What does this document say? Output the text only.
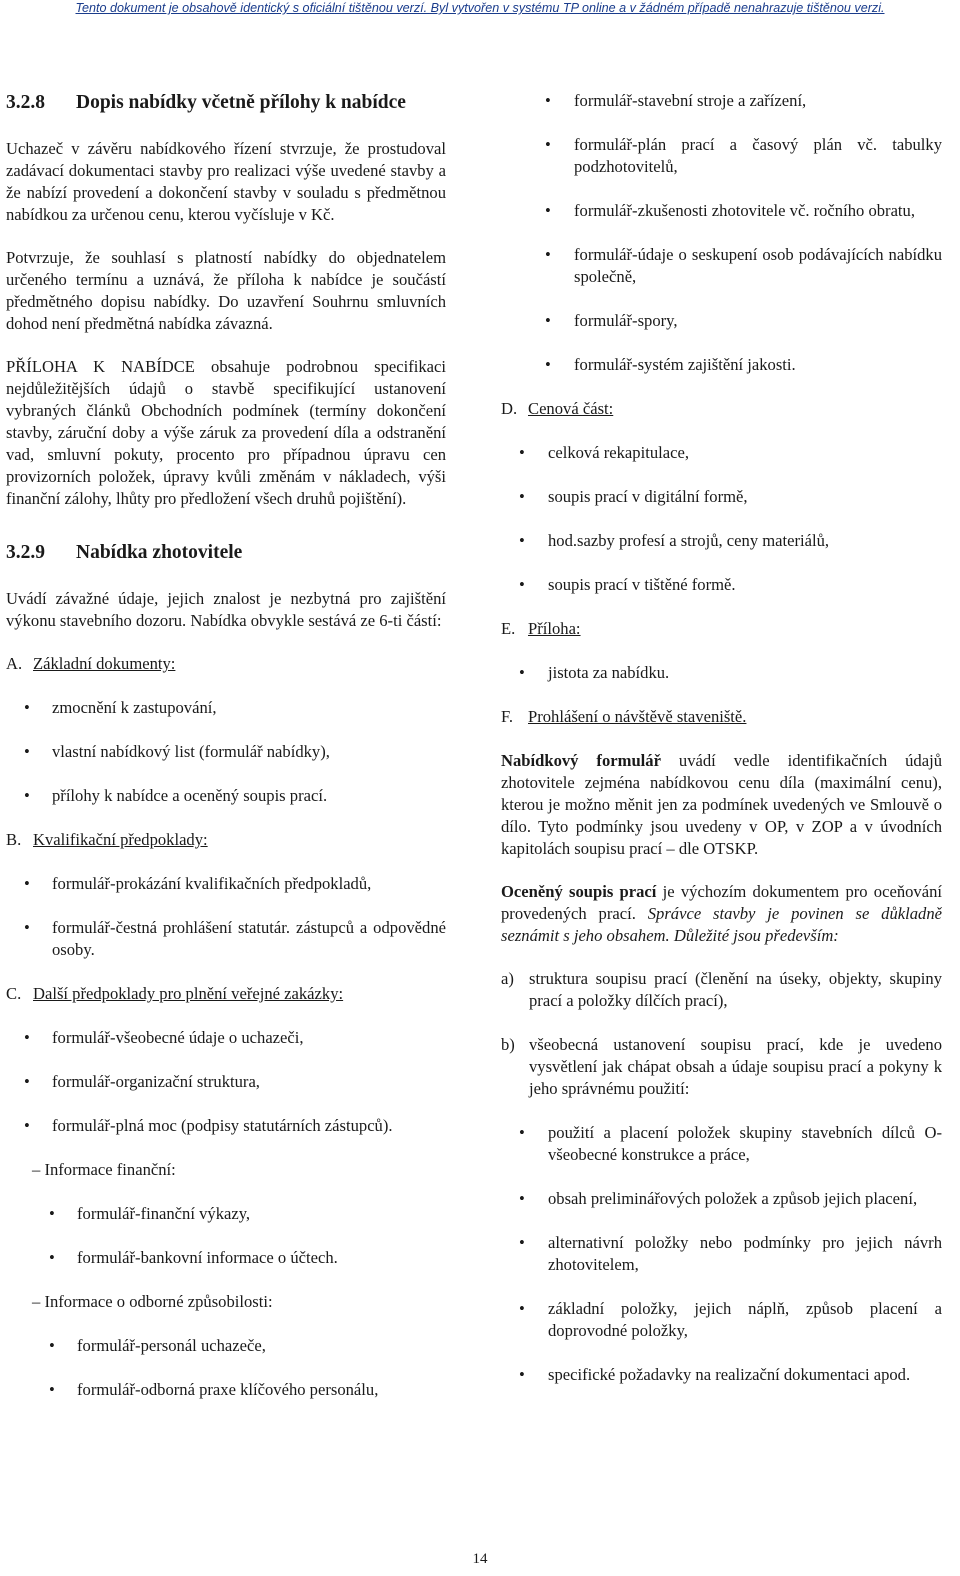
Tento dokument je obsahově identický s oficiální tištěnou verzí. Byl vytvořen v systému TP online a v žádném případě nenahrazuje tištěnou verzi.
3.2.8 Dopis nabídky včetně přílohy k nabídce

Uchazeč v závěru nabídkového řízení stvrzuje, že prostudoval zadávací dokumentaci stavby pro realizaci výše uvedené stavby a že nabízí provedení a dokončení stavby v souladu s předmětnou nabídkou za určenou cenu, kterou vyčísluje v Kč.

Potvrzuje, že souhlasí s platností nabídky do objednatelem určeného termínu a uznává, že příloha k nabídce je součástí předmětného dopisu nabídky. Do uzavření Souhrnu smluvních dohod není předmětná nabídka závazná.

PŘÍLOHA K NABÍDCE obsahuje podrobnou specifikaci nejdůležitějších údajů o stavbě specifikující ustanovení vybraných článků Obchodních podmínek (termíny dokončení stavby, záruční doby a výše záruk za provedení díla a odstranění vad, smluvní pokuty, procento pro případnou úpravu cen provizorních položek, úpravy kvůli změnám v nákladech, výši finanční zálohy, lhůty pro předložení všech druhů pojištění).

3.2.9 Nabídka zhotovitele

Uvádí závažné údaje, jejich znalost je nezbytná pro zajištění výkonu stavebního dozoru. Nabídka obvykle sestává ze 6-ti částí:

A. Základní dokumenty:
• zmocnění k zastupování,
• vlastní nabídkový list (formulář nabídky),
• přílohy k nabídce a oceněný soupis prací.
B. Kvalifikační předpoklady:
• formulář-prokázání kvalifikačních předpokladů,
• formulář-čestná prohlášení statutár. zástupců a odpovědné osoby.
C. Další předpoklady pro plnění veřejné zakázky:
• formulář-všeobecné údaje o uchazeči,
• formulář-organizační struktura,
• formulář-plná moc (podpisy statutárních zástupců).
– Informace finanční:
• formulář-finanční výkazy,
• formulář-bankovní informace o účtech.
– Informace o odborné způsobilosti:
• formulář-personál uchazeče,
• formulář-odborná praxe klíčového personálu,
• formulář-stavební stroje a zařízení,
• formulář-plán prací a časový plán vč. tabulky podzhotovitelů,
• formulář-zkušenosti zhotovitele vč. ročního obratu,
• formulář-údaje o seskupení osob podávajících nabídku společně,
• formulář-spory,
• formulář-systém zajištění jakosti.
D. Cenová část:
• celková rekapitulace,
• soupis prací v digitální formě,
• hod.sazby profesí a strojů, ceny materiálů,
• soupis prací v tištěné formě.
E. Příloha:
• jistota za nabídku.
F. Prohlášení o návštěvě staveniště.

Nabídkový formulář uvádí vedle identifikačních údajů zhotovitele zejména nabídkovou cenu díla (maximální cenu), kterou je možno měnit jen za podmínek uvedených ve Smlouvě o dílo. Tyto podmínky jsou uvedeny v OP, v ZOP a v úvodních kapitolách soupisu prací – dle OTSKP.

Oceněný soupis prací je výchozím dokumentem pro oceňování provedených prací. Správce stavby je povinen se důkladně seznámit s jeho obsahem. Důležité jsou především:

a) struktura soupisu prací (členění na úseky, objekty, skupiny prací a položky dílčích prací),
b) všeobecná ustanovení soupisu prací, kde je uvedeno vysvětlení jak chápat obsah a údaje soupisu prací a pokyny k jeho správnému použití:
• použití a placení položek skupiny stavebních dílců O-všeobecné konstrukce a práce,
• obsah preliminářových položek a způsob jejich placení,
• alternativní položky nebo podmínky pro jejich návrh zhotovitelem,
• základní položky, jejich náplň, způsob placení a doprovodné položky,
• specifické požadavky na realizační dokumentaci apod.
14
